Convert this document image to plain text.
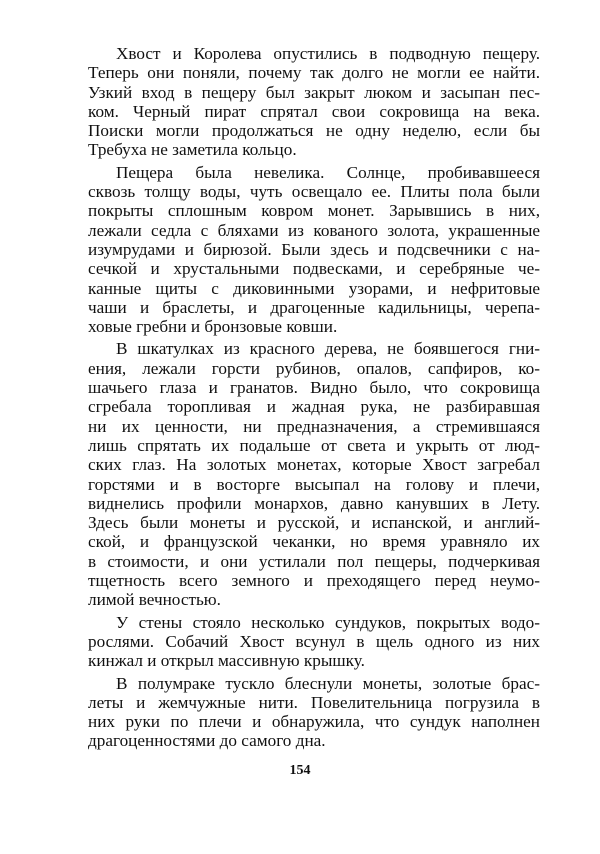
Хвост и Королева опустились в подводную пещеру.
Теперь они поняли, почему так долго не могли ее найти.
Узкий вход в пещеру был закрыт люком и засыпан пес-
ком. Черный пират спрятал свои сокровища на века.
Поиски могли продолжаться не одну неделю, если бы
Требуха не заметила кольцо.
Пещера была невелика. Солнце, пробивавшееся
сквозь толщу воды, чуть освещало ее. Плиты пола были
покрыты сплошным ковром монет. Зарывшись в них,
лежали седла с бляхами из кованого золота, украшенные
изумрудами и бирюзой. Были здесь и подсвечники с на-
сечкой и хрустальными подвесками, и серебряные че-
канные щиты с диковинными узорами, и нефритовые
чаши и браслеты, и драгоценные кадильницы, черепа-
ховые гребни и бронзовые ковши.
В шкатулках из красного дерева, не боявшегося гни-
ения, лежали горсти рубинов, опалов, сапфиров, ко-
шачьего глаза и гранатов. Видно было, что сокровища
сгребала торопливая и жадная рука, не разбиравшая
ни их ценности, ни предназначения, а стремившаяся
лишь спрятать их подальше от света и укрыть от люд-
ских глаз. На золотых монетах, которые Хвост загребал
горстями и в восторге высыпал на голову и плечи,
виднелись профили монархов, давно канувших в Лету.
Здесь были монеты и русской, и испанской, и англий-
ской, и французской чеканки, но время уравняло их
в стоимости, и они устилали пол пещеры, подчеркивая
тщетность всего земного и преходящего перед неумо-
лимой вечностью.
У стены стояло несколько сундуков, покрытых водо-
рослями. Собачий Хвост всунул в щель одного из них
кинжал и открыл массивную крышку.
В полумраке тускло блеснули монеты, золотые брас-
леты и жемчужные нити. Повелительница погрузила в
них руки по плечи и обнаружила, что сундук наполнен
драгоценностями до самого дна.
154
